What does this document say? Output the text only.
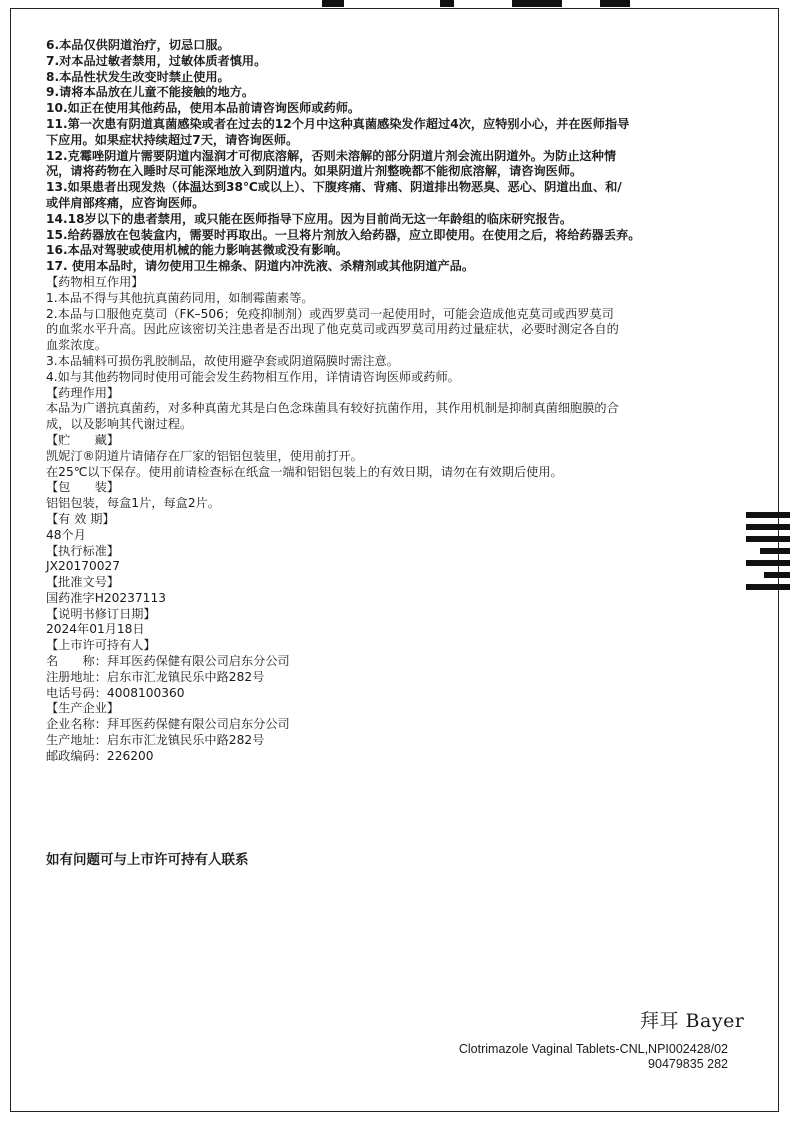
6.本品仅供阴道治疗，切忌口服。
7.对本品过敏者禁用，过敏体质者慎用。
8.本品性状发生改变时禁止使用。
9.请将本品放在儿童不能接触的地方。
10.如正在使用其他药品，使用本品前请咨询医师或药师。
11.第一次患有阴道真菌感染或者在过去的12个月中这种真菌感染发作超过4次，应特别小心，并在医师指导
下应用。如果症状持续超过7天，请咨询医师。
12.克霉唑阴道片需要阴道内湿润才可彻底溶解，否则未溶解的部分阴道片剂会流出阴道外。为防止这种情
况，请将药物在入睡时尽可能深地放入到阴道内。如果阴道片剂整晚都不能彻底溶解，请咨询医师。
13.如果患者出现发热（体温达到38℃或以上）、下腹疼痛、背痛、阴道排出物恶臭、恶心、阴道出血、和/
或伴肩部疼痛，应咨询医师。
14.18岁以下的患者禁用，或只能在医师指导下应用。因为目前尚无这一年龄组的临床研究报告。
15.给药器放在包装盒内，需要时再取出。一旦将片剂放入给药器，应立即使用。在使用之后，将给药器丢弃。
16.本品对驾驶或使用机械的能力影响甚微或没有影响。
17. 使用本品时，请勿使用卫生棉条、阴道内冲洗液、杀精剂或其他阴道产品。
【药物相互作用】
1.本品不得与其他抗真菌药同用，如制霉菌素等。
2.本品与口服他克莫司（FK–506；免疫抑制剂）或西罗莫司一起使用时，可能会造成他克莫司或西罗莫司
的血浆水平升高。因此应该密切关注患者是否出现了他克莫司或西罗莫司用药过量症状，必要时测定各自的
血浆浓度。
3.本品辅料可损伤乳胶制品，故使用避孕套或阴道隔膜时需注意。
4.如与其他药物同时使用可能会发生药物相互作用，详情请咨询医师或药师。
【药理作用】
本品为广谱抗真菌药，对多种真菌尤其是白色念珠菌具有较好抗菌作用，其作用机制是抑制真菌细胞膜的合
成，以及影响其代谢过程。
【贮　　藏】
凯妮汀®阴道片请储存在厂家的铝铝包装里，使用前打开。
在25℃以下保存。使用前请检查标在纸盒一端和铝铝包装上的有效日期，请勿在有效期后使用。
【包　　装】
铝铝包装，每盒1片，每盒2片。
【有 效 期】
48个月
【执行标准】
JX20170027
【批准文号】
国药准字H20237113
【说明书修订日期】
2024年01月18日
【上市许可持有人】
名　　称：拜耳医药保健有限公司启东分公司
注册地址：启东市汇龙镇民乐中路282号
电话号码：4008100360
【生产企业】
企业名称：拜耳医药保健有限公司启东分公司
生产地址：启东市汇龙镇民乐中路282号
邮政编码：226200
如有问题可与上市许可持有人联系
拜耳 Bayer
Clotrimazole Vaginal Tablets-CNL,NPI002428/02
90479835 282
